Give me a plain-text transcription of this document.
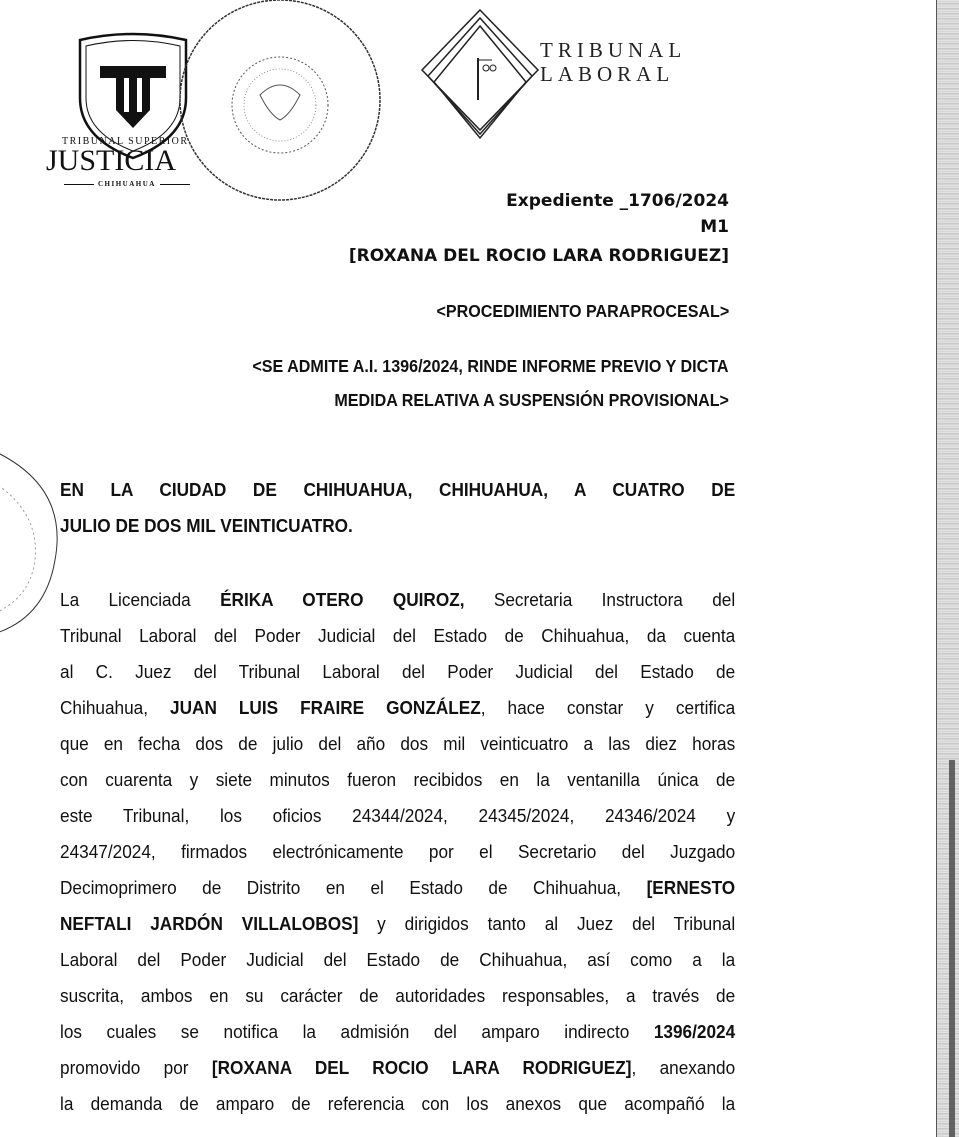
TRIBUNAL SUPERIOR
JUSTICIA
CHIHUAHUA
TRIBUNAL
LABORAL
Expediente _1706/2024
M1
[ROXANA DEL ROCIO LARA RODRIGUEZ]
<PROCEDIMIENTO PARAPROCESAL>
<SE ADMITE A.I. 1396/2024, RINDE INFORME PREVIO Y DICTA
MEDIDA RELATIVA A SUSPENSIÓN PROVISIONAL>
EN LA CIUDAD DE CHIHUAHUA, CHIHUAHUA, A CUATRO DE
JULIO DE DOS MIL VEINTICUATRO.
La Licenciada ÉRIKA OTERO QUIROZ, Secretaria Instructora del
Tribunal Laboral del Poder Judicial del Estado de Chihuahua, da cuenta
al C. Juez del Tribunal Laboral del Poder Judicial del Estado de
Chihuahua, JUAN LUIS FRAIRE GONZÁLEZ, hace constar y certifica
que en fecha dos de julio del año dos mil veinticuatro a las diez horas
con cuarenta y siete minutos fueron recibidos en la ventanilla única de
este Tribunal, los oficios 24344/2024, 24345/2024, 24346/2024 y
24347/2024, firmados electrónicamente por el Secretario del Juzgado
Decimoprimero de Distrito en el Estado de Chihuahua, [ERNESTO
NEFTALI JARDÓN VILLALOBOS] y dirigidos tanto al Juez del Tribunal
Laboral del Poder Judicial del Estado de Chihuahua, así como a la
suscrita, ambos en su carácter de autoridades responsables, a través de
los cuales se notifica la admisión del amparo indirecto 1396/2024
promovido por [ROXANA DEL ROCIO LARA RODRIGUEZ], anexando
la demanda de amparo de referencia con los anexos que acompañó la
